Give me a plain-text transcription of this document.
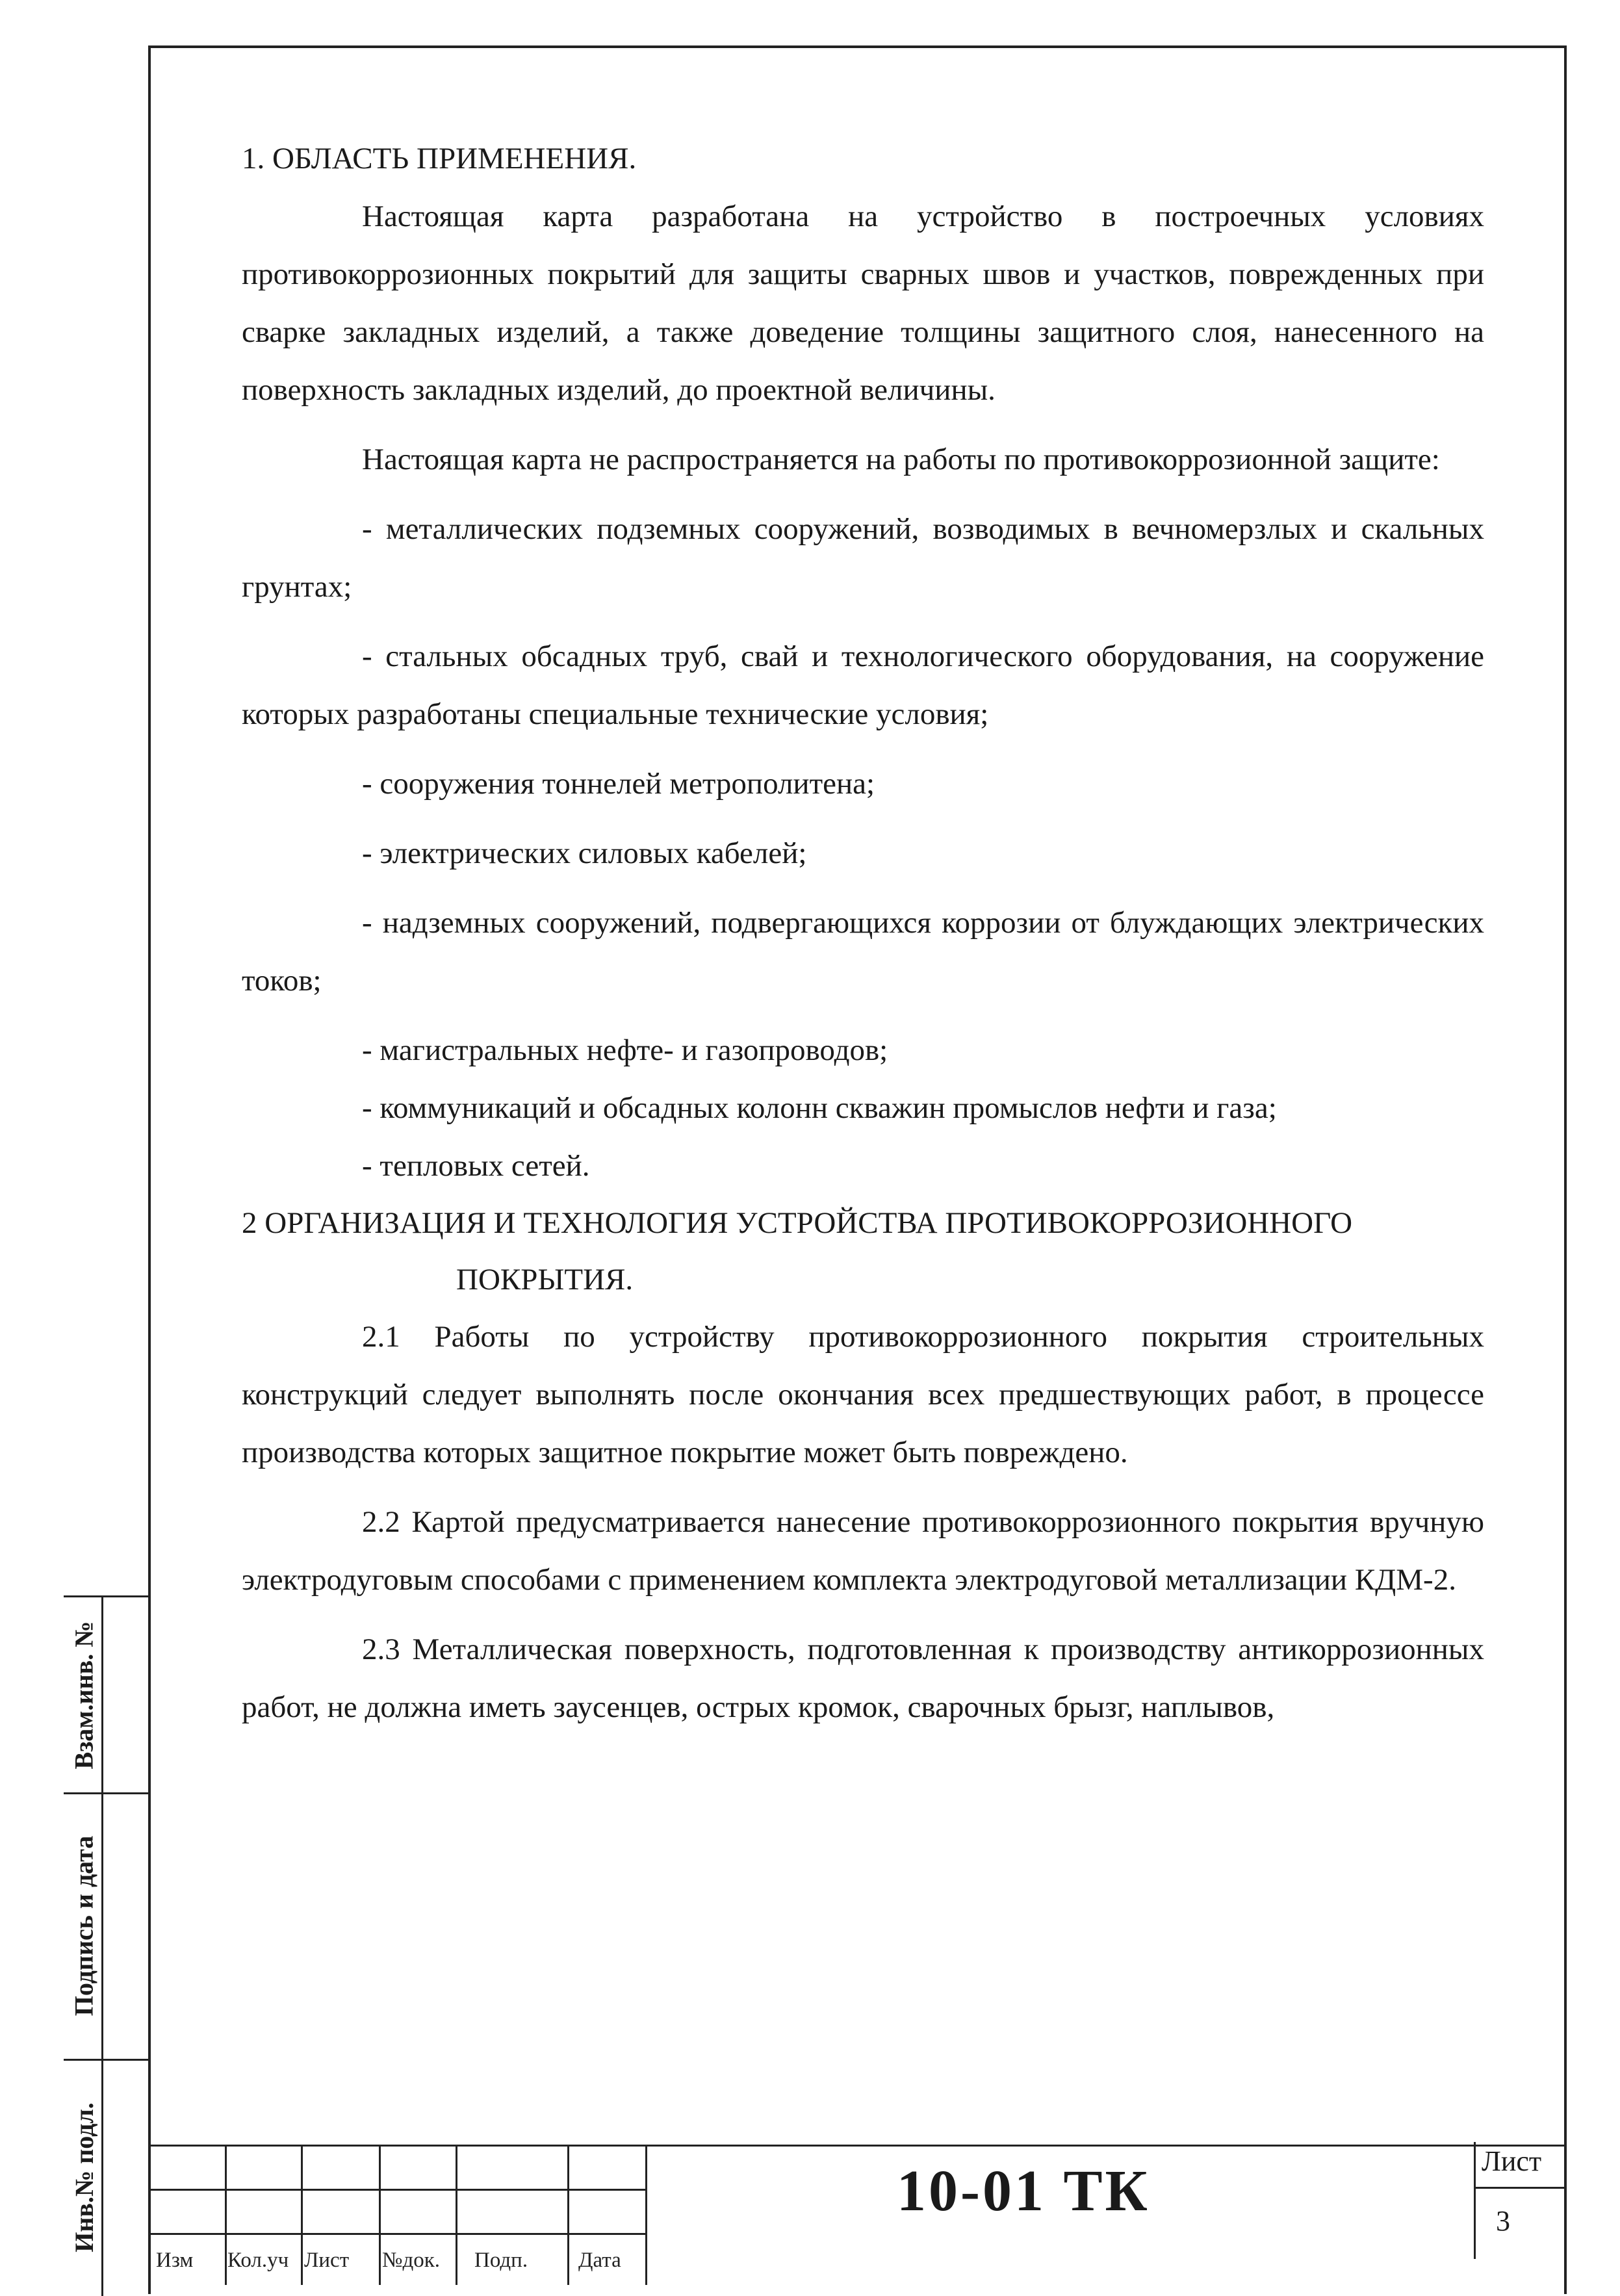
1. ОБЛАСТЬ ПРИМЕНЕНИЯ.

Настоящая карта разработана на устройство в построечных условиях противокоррозионных покрытий для защиты сварных швов и участков, поврежденных при сварке закладных изделий, а также доведение толщины защитного слоя, нанесенного на поверхность закладных изделий, до проектной величины.

Настоящая карта не распространяется на работы по противокоррозионной защите:

- металлических подземных сооружений, возводимых в вечномерзлых и скальных грунтах;

- стальных обсадных труб, свай и технологического оборудования, на сооружение которых разработаны специальные технические условия;

- сооружения тоннелей метрополитена;

- электрических силовых кабелей;

- надземных сооружений, подвергающихся коррозии от блуждающих электрических токов;

- магистральных нефте- и газопроводов;

- коммуникаций и обсадных колонн скважин промыслов нефти и газа;

- тепловых сетей.

2 ОРГАНИЗАЦИЯ И ТЕХНОЛОГИЯ УСТРОЙСТВА ПРОТИВОКОРРОЗИОННОГО
ПОКРЫТИЯ.

2.1 Работы по устройству противокоррозионного покрытия строительных конструкций следует выполнять после окончания всех предшествующих работ, в процессе производства которых защитное покрытие может быть повреждено.

2.2 Картой предусматривается нанесение противокоррозионного покрытия вручную электродуговым способами с применением комплекта электродуговой металлизации КДМ-2.

2.3 Металлическая поверхность, подготовленная к производству антикоррозионных работ, не должна иметь заусенцев, острых кромок, сварочных брызг, наплывов,

Взам.инв. №
Подпись и дата
Инв.№ подл.
Изм Кол.уч Лист №док. Подп. Дата
10-01 ТК	Лист
3
